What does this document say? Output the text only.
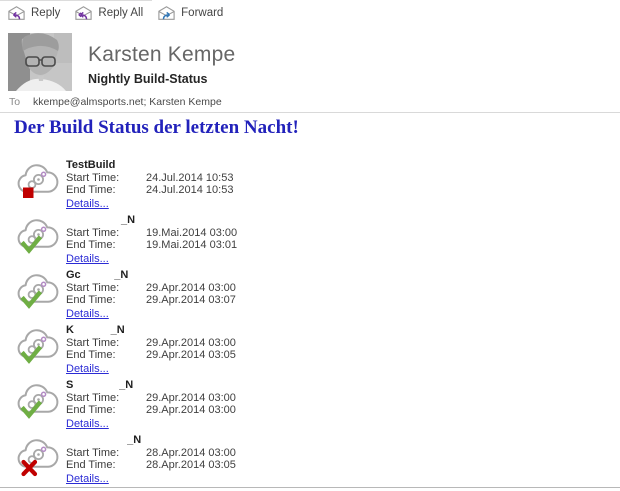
Reply	Reply All	Forward
Karsten Kempe
Nightly Build-Status
To kkempe@almsports.net; Karsten Kempe
Der Build Status der letzten Nacht!
TestBuild
Start Time:	24.Jul.2014 10:53
End Time:	24.Jul.2014 10:53
Details...
_N
Start Time:	19.Mai.2014 03:00
End Time:	19.Mai.2014 03:01
Details...
Gc           _N
Start Time:	29.Apr.2014 03:00
End Time:	29.Apr.2014 03:07
Details...
K            _N
Start Time:	29.Apr.2014 03:00
End Time:	29.Apr.2014 03:05
Details...
S               _N
Start Time:	29.Apr.2014 03:00
End Time:	29.Apr.2014 03:00
Details...
_N
Start Time:	28.Apr.2014 03:00
End Time:	28.Apr.2014 03:05
Details...
